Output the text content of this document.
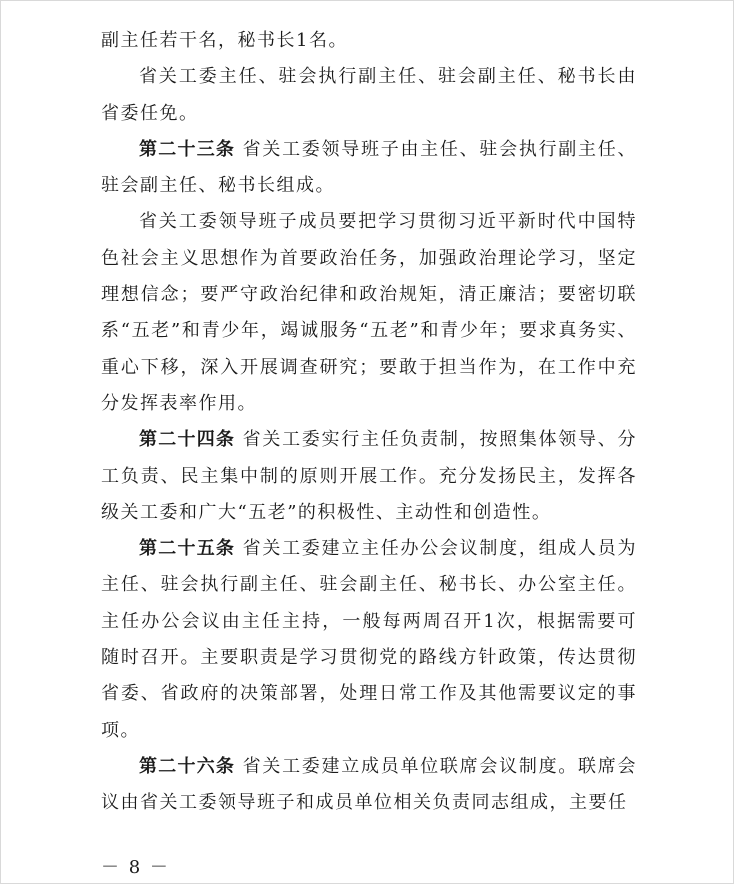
副主任若干名，秘书长1名。

省关工委主任、驻会执行副主任、驻会副主任、秘书长由省委任免。

第二十三条 省关工委领导班子由主任、驻会执行副主任、驻会副主任、秘书长组成。

省关工委领导班子成员要把学习贯彻习近平新时代中国特色社会主义思想作为首要政治任务，加强政治理论学习，坚定理想信念；要严守政治纪律和政治规矩，清正廉洁；要密切联系“五老”和青少年，竭诚服务“五老”和青少年；要求真务实、重心下移，深入开展调查研究；要敢于担当作为，在工作中充分发挥表率作用。

第二十四条 省关工委实行主任负责制，按照集体领导、分工负责、民主集中制的原则开展工作。充分发扬民主，发挥各级关工委和广大“五老”的积极性、主动性和创造性。

第二十五条 省关工委建立主任办公会议制度，组成人员为主任、驻会执行副主任、驻会副主任、秘书长、办公室主任。主任办公会议由主任主持，一般每两周召开1次，根据需要可随时召开。主要职责是学习贯彻党的路线方针政策，传达贯彻省委、省政府的决策部署，处理日常工作及其他需要议定的事项。

第二十六条 省关工委建立成员单位联席会议制度。联席会议由省关工委领导班子和成员单位相关负责同志组成，主要任

－ 8 －
